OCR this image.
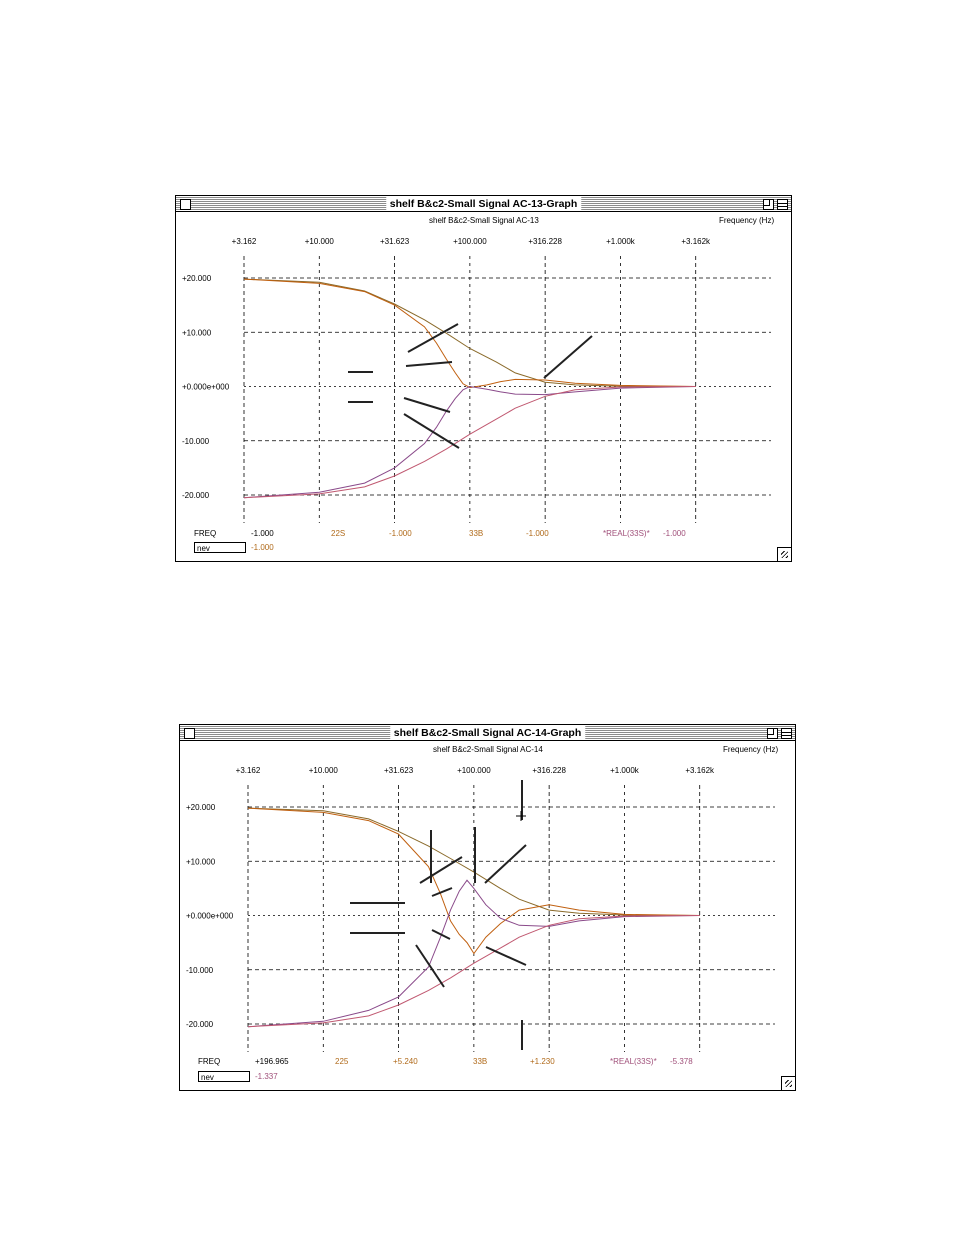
shelf B&c2-Small Signal AC-13-Graph
shelf B&c2-Small Signal AC-13	Frequency (Hz)
+3.162	+10.000	+31.623	+100.000	+316.228	+1.000k	+3.162k
+20.000
+10.000
+0.000e+000
-10.000
-20.000
FREQ	-1.000	22S	-1.000	33B	-1.000	*REAL(33S)* -1.000
nev	-1.000
shelf B&c2-Small Signal AC-14-Graph
shelf B&c2-Small Signal AC-14	Frequency (Hz)
+3.162	+10.000	+31.623	+100.000	+316.228	+1.000k	+3.162k
+20.000
+10.000
+0.000e+000
-10.000
-20.000
FREQ	+196.965	225	+5.240	33B	+1.230	*REAL(33S)* -5.378
nev	-1.337
